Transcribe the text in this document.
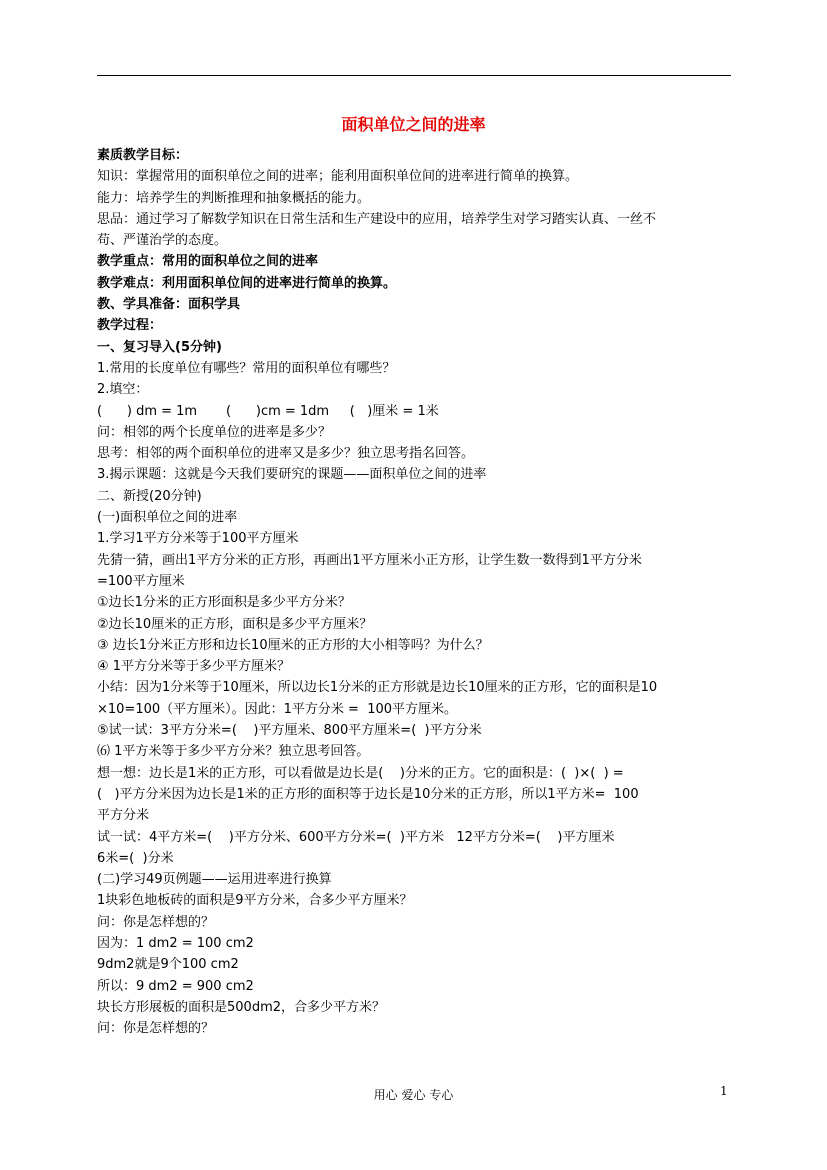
面积单位之间的进率

素质教学目标：

知识：掌握常用的面积单位之间的进率；能利用面积单位间的进率进行简单的换算。

能力：培养学生的判断推理和抽象概括的能力。

思品：通过学习了解数学知识在日常生活和生产建设中的应用，培养学生对学习踏实认真、一丝不

苟、严谨治学的态度。

教学重点：常用的面积单位之间的进率

教学难点：利用面积单位间的进率进行简单的换算。

教、学具准备：面积学具

教学过程：

一、复习导入(5分钟)

1.常用的长度单位有哪些？常用的面积单位有哪些？

2.填空：

(      ) dm = 1m       (      )cm = 1dm     (   )厘米 = 1米

问：相邻的两个长度单位的进率是多少？

思考：相邻的两个面积单位的进率又是多少？独立思考指名回答。

3.揭示课题：这就是今天我们要研究的课题——面积单位之间的进率

二、新授(20分钟)

(一)面积单位之间的进率

1.学习1平方分米等于100平方厘米

先猜一猜，画出1平方分米的正方形，再画出1平方厘米小正方形，让学生数一数得到1平方分米

=100平方厘米

①边长1分米的正方形面积是多少平方分米？

②边长10厘米的正方形，面积是多少平方厘米？

③ 边长1分米正方形和边长10厘米的正方形的大小相等吗？为什么？

④ 1平方分米等于多少平方厘米？

小结：因为1分米等于10厘米，所以边长1分米的正方形就是边长10厘米的正方形，它的面积是10

×10=100（平方厘米）。因此：1平方分米 =  100平方厘米。

⑤试一试：3平方分米=(    )平方厘米、800平方厘米=(  )平方分米

⑹ 1平方米等于多少平方分米？独立思考回答。

想一想：边长是1米的正方形，可以看做是边长是(    )分米的正方。它的面积是：(  )×(  ) =

(   )平方分米因为边长是1米的正方形的面积等于边长是10分米的正方形，所以1平方米=  100

平方分米

试一试：4平方米=(    )平方分米、600平方分米=(  )平方米   12平方分米=(    )平方厘米

6米=(  )分米

(二)学习49页例题——运用进率进行换算

1块彩色地板砖的面积是9平方分米，合多少平方厘米？

问：你是怎样想的？

因为：1 dm2 = 100 cm2

9dm2就是9个100 cm2

所以：9 dm2 = 900 cm2

块长方形展板的面积是500dm2，合多少平方米？

问：你是怎样想的？

用心 爱心 专心	1
